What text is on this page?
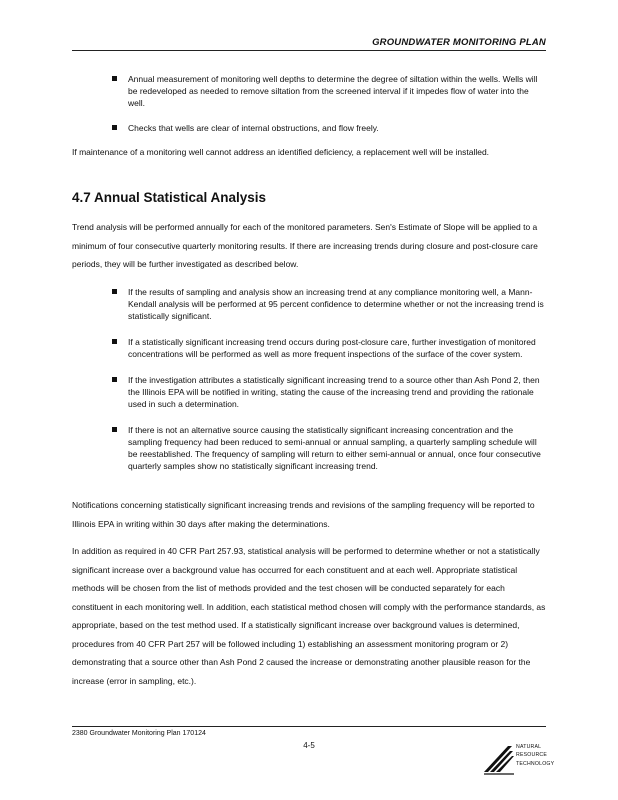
GROUNDWATER MONITORING PLAN
Annual measurement of monitoring well depths to determine the degree of siltation within the wells. Wells will be redeveloped as needed to remove siltation from the screened interval if it impedes flow of water into the well.
Checks that wells are clear of internal obstructions, and flow freely.

If maintenance of a monitoring well cannot address an identified deficiency, a replacement well will be installed.

4.7 Annual Statistical Analysis

Trend analysis will be performed annually for each of the monitored parameters. Sen's Estimate of Slope will be applied to a minimum of four consecutive quarterly monitoring results. If there are increasing trends during closure and post-closure care periods, they will be further investigated as described below.

If the results of sampling and analysis show an increasing trend at any compliance monitoring well, a Mann-Kendall analysis will be performed at 95 percent confidence to determine whether or not the increasing trend is statistically significant.
If a statistically significant increasing trend occurs during post-closure care, further investigation of monitored concentrations will be performed as well as more frequent inspections of the surface of the cover system.
If the investigation attributes a statistically significant increasing trend to a source other than Ash Pond 2, then the Illinois EPA will be notified in writing, stating the cause of the increasing trend and providing the rationale used in such a determination.
If there is not an alternative source causing the statistically significant increasing concentration and the sampling frequency had been reduced to semi-annual or annual sampling, a quarterly sampling schedule will be reestablished. The frequency of sampling will return to either semi-annual or annual, once four consecutive quarterly samples show no statistically significant increasing trend.

Notifications concerning statistically significant increasing trends and revisions of the sampling frequency will be reported to Illinois EPA in writing within 30 days after making the determinations.

In addition as required in 40 CFR Part 257.93, statistical analysis will be performed to determine whether or not a statistically significant increase over a background value has occurred for each constituent and at each well. Appropriate statistical methods will be chosen from the list of methods provided and the test chosen will be conducted separately for each constituent in each monitoring well. In addition, each statistical method chosen will comply with the performance standards, as appropriate, based on the test method used. If a statistically significant increase over background values is determined, procedures from 40 CFR Part 257 will be followed including 1) establishing an assessment monitoring program or 2) demonstrating that a source other than Ash Pond 2 caused the increase or demonstrating another plausible reason for the increase (error in sampling, etc.).

2380 Groundwater Monitoring Plan 170124
4-5	NATURAL
RESOURCE
TECHNOLOGY
